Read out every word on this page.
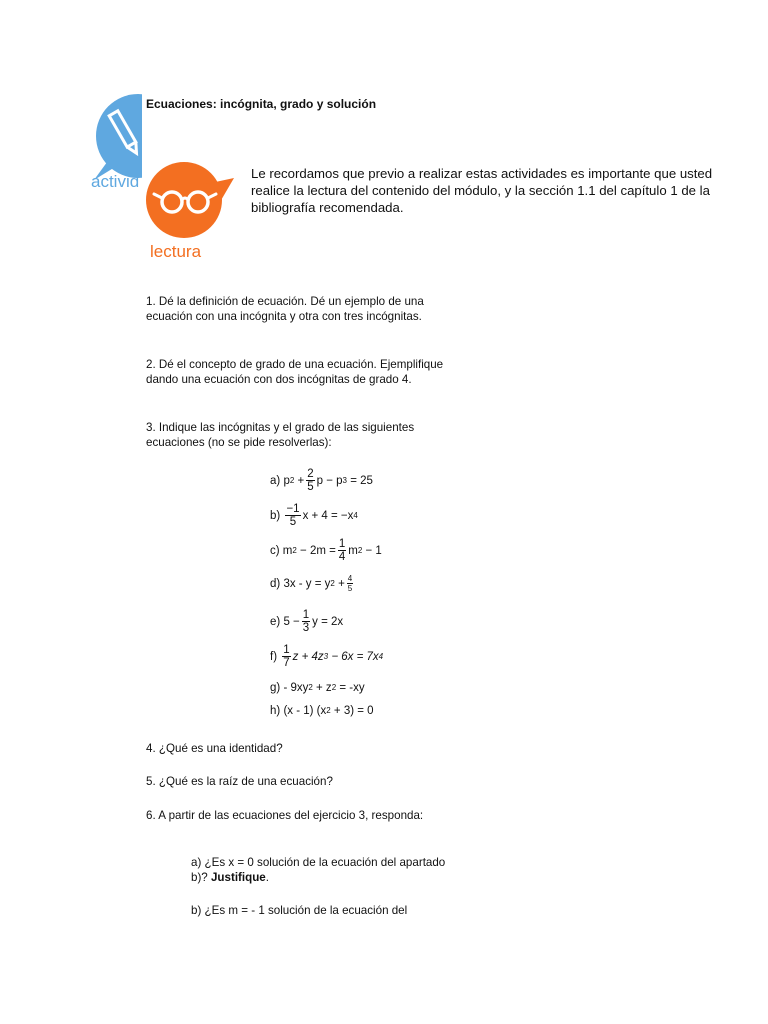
activid
lectura
Ecuaciones: incógnita, grado y solución
Le recordamos que previo a realizar estas actividades es importante que usted realice la lectura del contenido del módulo, y la sección 1.1 del capítulo 1 de la bibliografía recomendada.
1. Dé la definición de ecuación. Dé un ejemplo de una ecuación con una incógnita y otra con tres incógnitas.
2. Dé el concepto de grado de una ecuación. Ejemplifique dando una ecuación con dos incógnitas de grado 4.
3. Indique las incógnitas y el grado de las siguientes ecuaciones (no se pide resolverlas):
a)
p 2
+ $\frac{2}{5}$ p − p 3
= 25
b)
$\frac{-1}{5}$ x + 4 = −x 4
c)
m 2
− $2m = \frac{1}{4}$ m 2
− 1
d)
3x - y = y 2
+ $\frac{4}{5}$
e)
$5 - \frac{1}{3}$ y = 2x
f)
$\frac{1}{7}$ z + 4z 3
− 6x = 7x 4
g)
- 9xy 2
+ z 2
= -xy
h)
(x - 1) (x 2
+ 3) = 0
4. ¿Qué es una identidad?
5. ¿Qué es la raíz de una ecuación?
6. A partir de las ecuaciones del ejercicio 3, responda:
a) ¿Es x = 0 solución de la ecuación del apartado b)? Justifique.
b) ¿Es m = - 1 solución de la ecuación del
